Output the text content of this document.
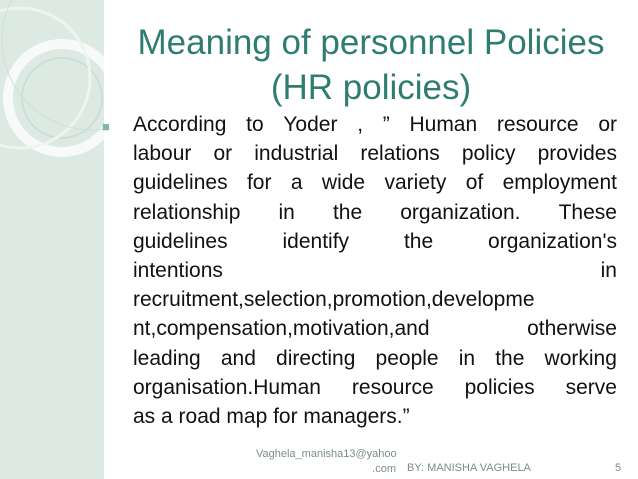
Meaning of personnel Policies
(HR policies)
■ According to Yoder , ” Human resource or
labour or industrial relations policy provides
guidelines for a wide variety of employment
relationship in the organization. These
guidelines	identify	the	organization's
intentions	in
recruitment,selection,promotion,developme
nt,compensation,motivation,and	otherwise
leading and directing people in the working
organisation.Human resource policies serve
as a road map for managers.”
Vaghela_manisha13@yahoo
.com BY: MANISHA VAGHELA	5
